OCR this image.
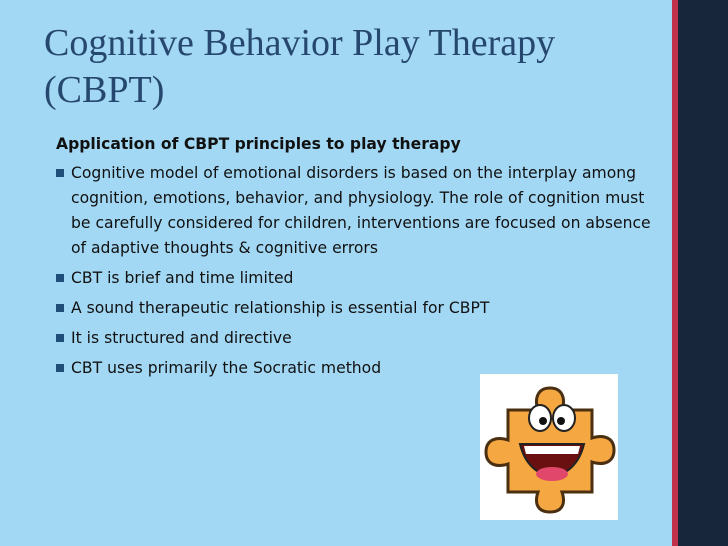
Cognitive Behavior Play Therapy (CBPT)
Application of CBPT principles to play therapy
Cognitive model of emotional disorders is based on the interplay among cognition, emotions, behavior, and physiology. The role of cognition must be carefully considered for children, interventions are focused on absence of adaptive thoughts & cognitive errors
CBT is brief and time limited
A sound therapeutic relationship is essential for CBPT
It is structured and directive
CBT uses primarily the Socratic method
